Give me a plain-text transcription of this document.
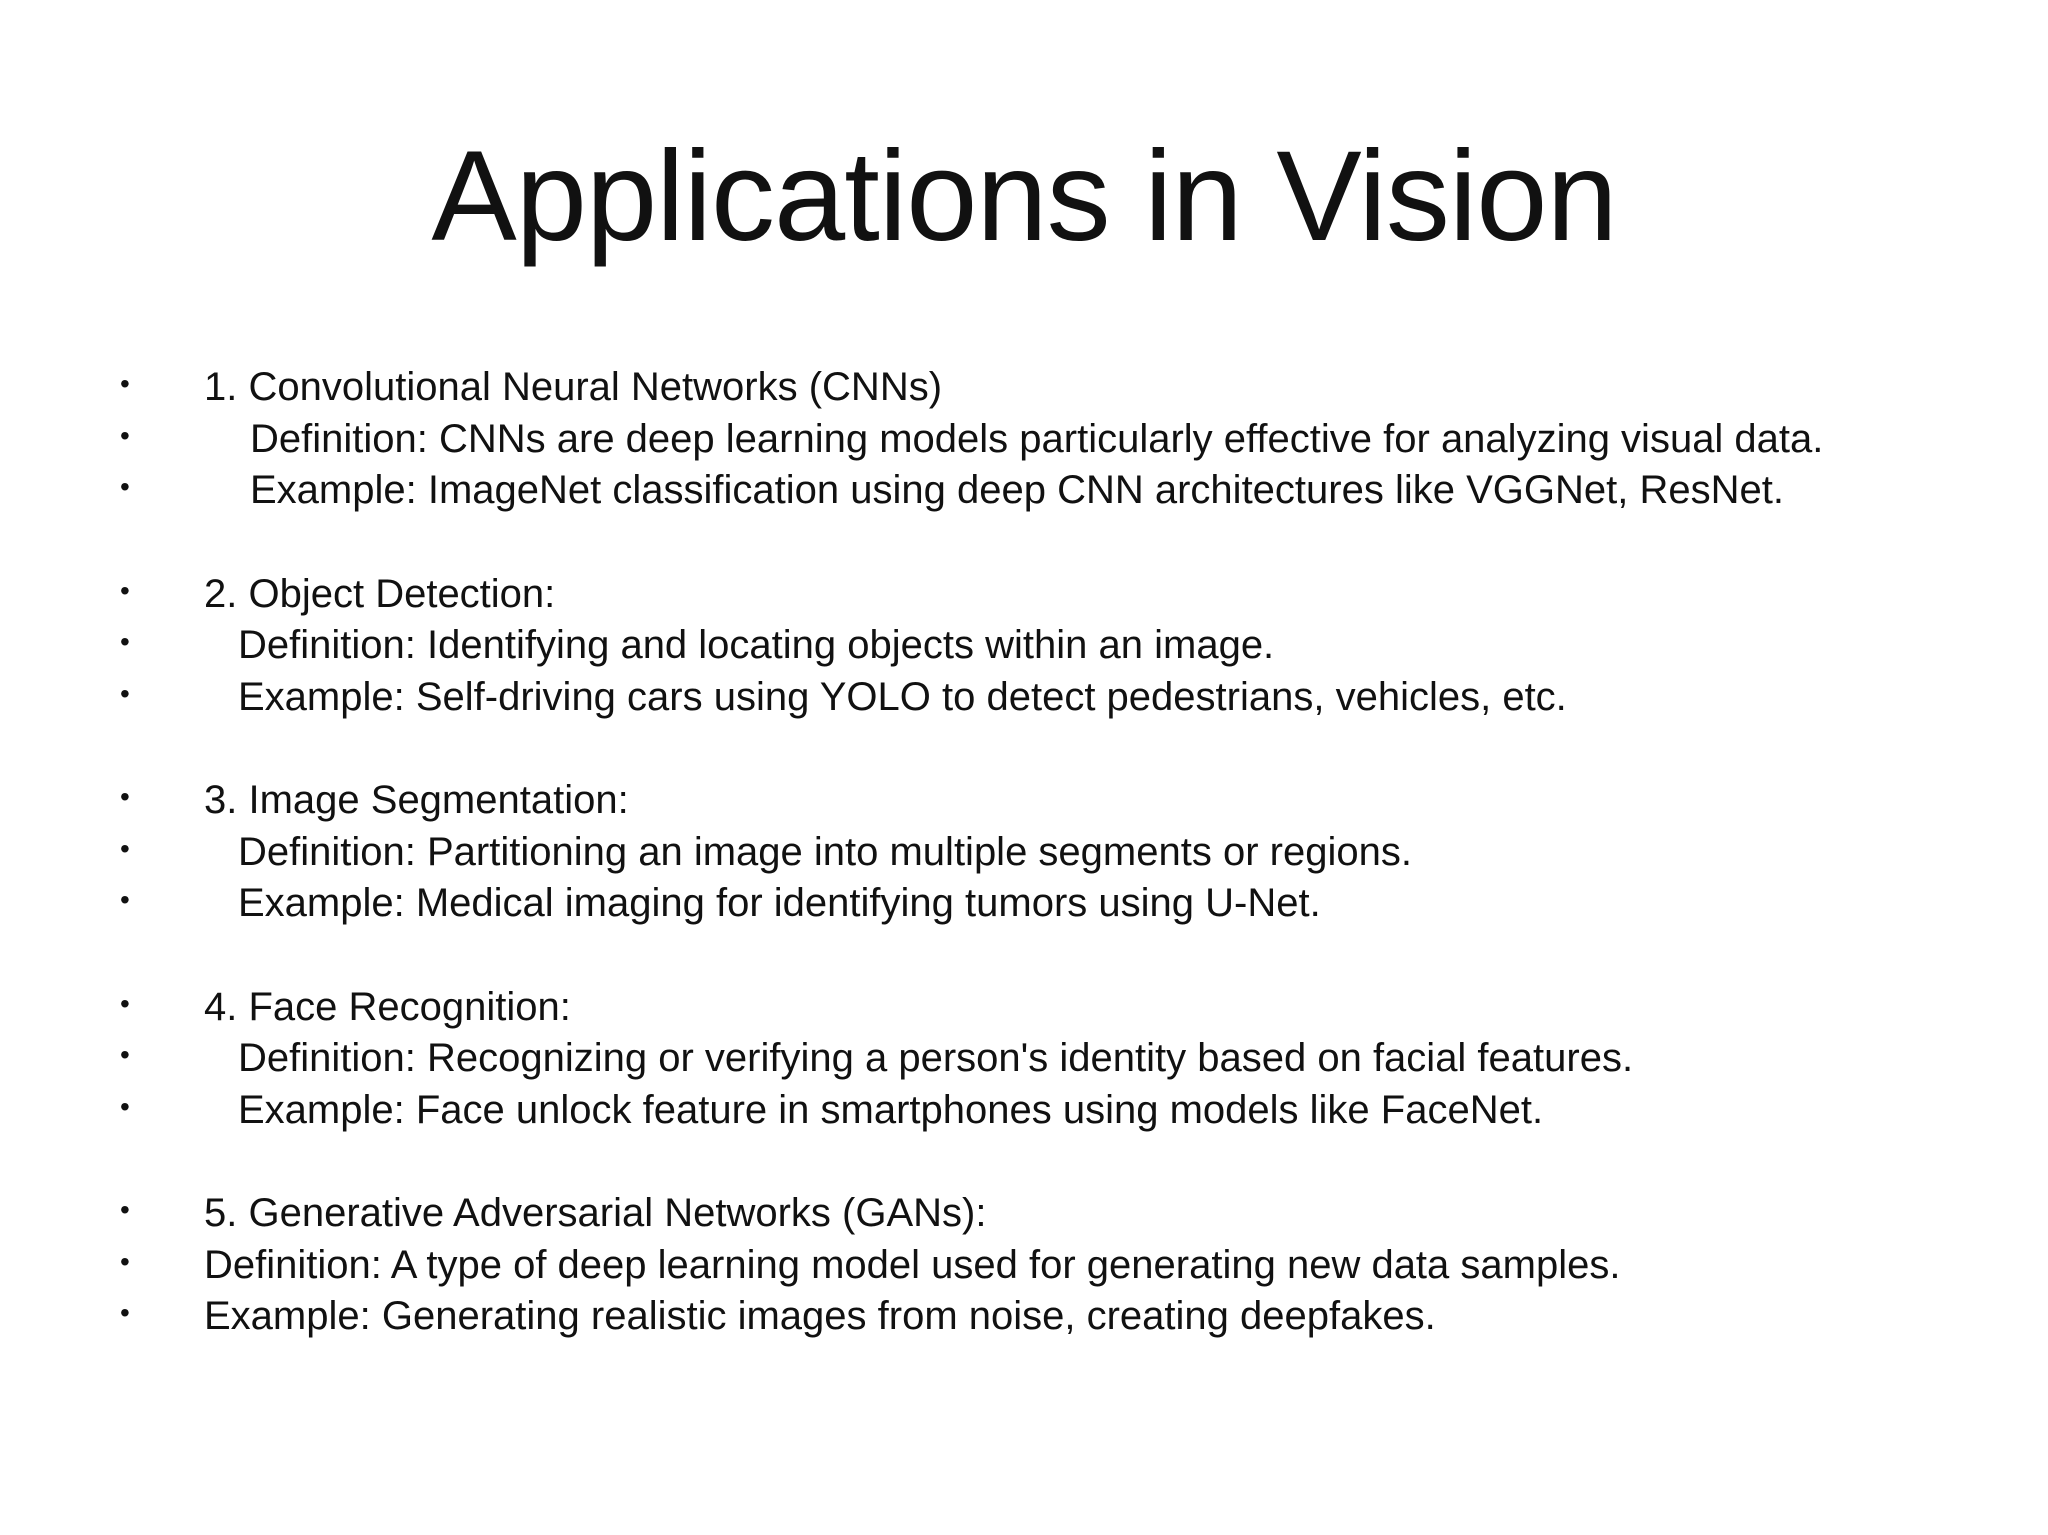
Applications in Vision
• 1. Convolutional Neural Networks (CNNs)
•	Definition: CNNs are deep learning models particularly effective for analyzing visual data.
•	Example: ImageNet classification using deep CNN architectures like VGGNet, ResNet.
• 2. Object Detection:
•	Definition: Identifying and locating objects within an image.
•	Example: Self-driving cars using YOLO to detect pedestrians, vehicles, etc.
• 3. Image Segmentation:
•	Definition: Partitioning an image into multiple segments or regions.
•	Example: Medical imaging for identifying tumors using U-Net.
• 4. Face Recognition:
•	Definition: Recognizing or verifying a person's identity based on facial features.
•	Example: Face unlock feature in smartphones using models like FaceNet.
• 5. Generative Adversarial Networks (GANs):
• Definition: A type of deep learning model used for generating new data samples.
• Example: Generating realistic images from noise, creating deepfakes.
